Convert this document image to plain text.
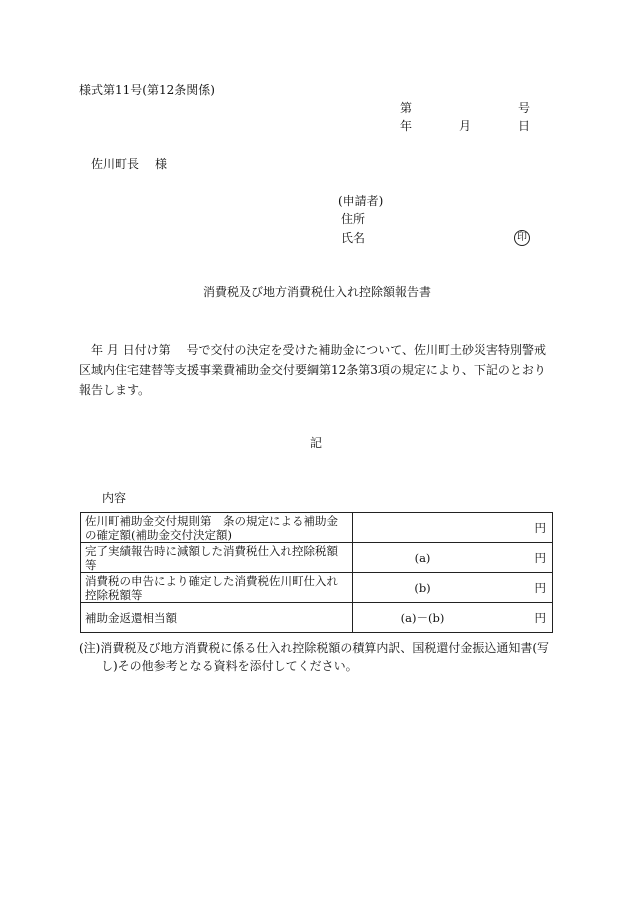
様式第11号(第12条関係)
第	号
年	月	日
佐川町長 様
(申請者)
住所
氏名	印
消費税及び地方消費税仕入れ控除額報告書
年 月 日付け第　 号で交付の決定を受けた補助金について、佐川町土砂災害特別警戒区域内住宅建替等支援事業費補助金交付要綱第12条第3項の規定により、下記のとおり報告します。
記
内容
佐川町補助金交付規則第　条の規定による補助金の確定額(補助金交付決定額)	円

完了実績報告時に減額した消費税仕入れ控除税額等	(a) 円

消費税の申告により確定した消費税佐川町仕入れ控除税額等	(b) 円

補助金返還相当額	(a)－(b) 円
(注)消費税及び地方消費税に係る仕入れ控除税額の積算内訳、国税還付金振込通知書(写
し)その他参考となる資料を添付してください。
